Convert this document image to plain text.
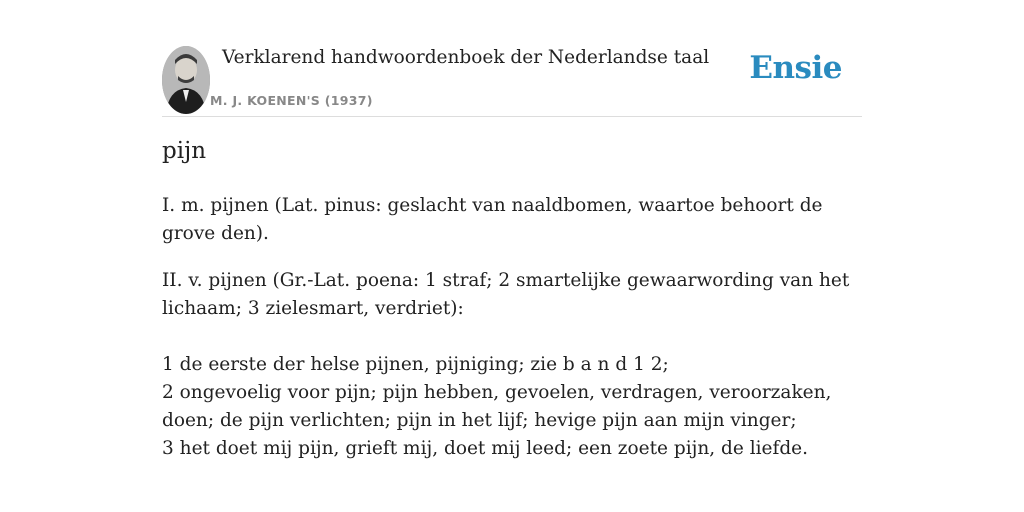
Verklarend handwoordenboek der Nederlandse taal
M. J. KOENEN'S (1937)
Ensie
pijn

I. m. pijnen (Lat. pinus: geslacht van naaldbomen, waartoe behoort de grove den).

II. v. pijnen (Gr.-Lat. poena: 1 straf; 2 smartelijke gewaarwording van het lichaam; 3 zielesmart, verdriet):

1 de eerste der helse pijnen, pijniging; zie b a n d 1 2;

2 ongevoelig voor pijn; pijn hebben, gevoelen, verdragen, veroorzaken, doen; de pijn verlichten; pijn in het lijf; hevige pijn aan mijn vinger;

3 het doet mij pijn, grieft mij, doet mij leed; een zoete pijn, de liefde.
